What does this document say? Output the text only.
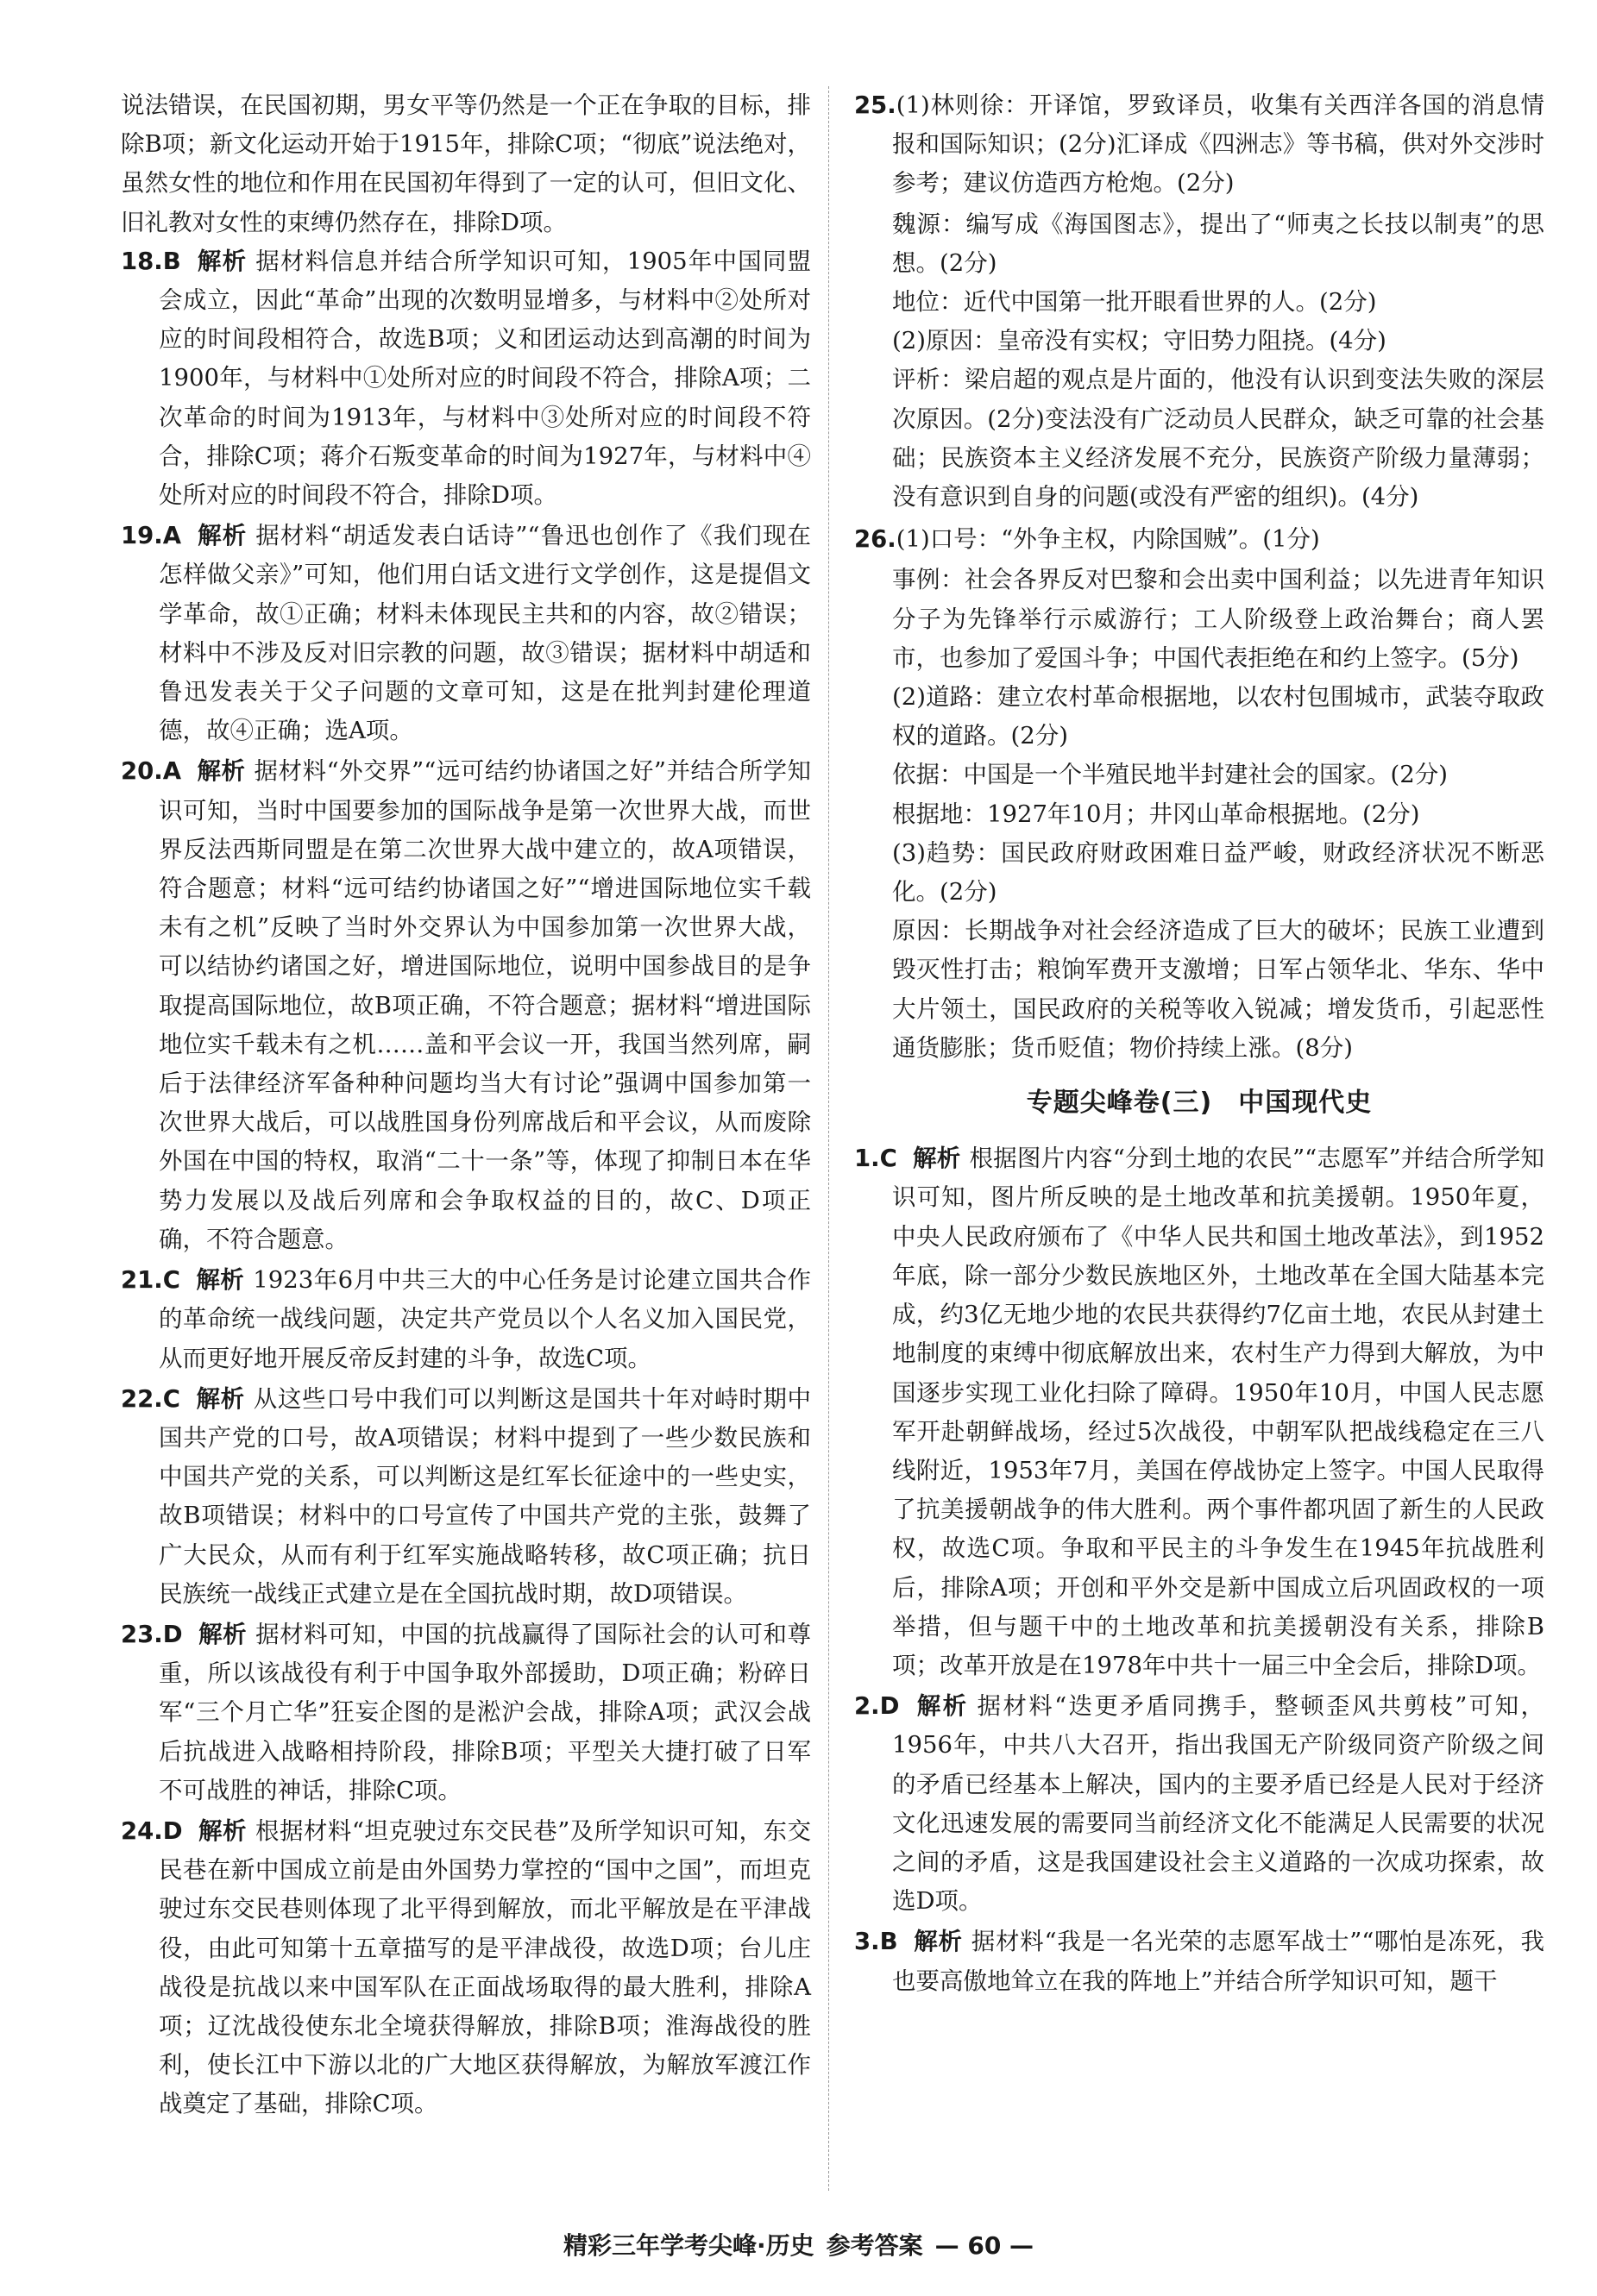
说法错误，在民国初期，男女平等仍然是一个正在争取的目标，排除B项；新文化运动开始于1915年，排除C项；“彻底”说法绝对，虽然女性的地位和作用在民国初年得到了一定的认可，但旧文化、旧礼教对女性的束缚仍然存在，排除D项。

18.B 解析 据材料信息并结合所学知识可知，1905年中国同盟会成立，因此“革命”出现的次数明显增多，与材料中②处所对应的时间段相符合，故选B项；义和团运动达到高潮的时间为1900年，与材料中①处所对应的时间段不符合，排除A项；二次革命的时间为1913年，与材料中③处所对应的时间段不符合，排除C项；蒋介石叛变革命的时间为1927年，与材料中④处所对应的时间段不符合，排除D项。

19.A 解析 据材料“胡适发表白话诗”“鲁迅也创作了《我们现在怎样做父亲》”可知，他们用白话文进行文学创作，这是提倡文学革命，故①正确；材料未体现民主共和的内容，故②错误；材料中不涉及反对旧宗教的问题，故③错误；据材料中胡适和鲁迅发表关于父子问题的文章可知，这是在批判封建伦理道德，故④正确；选A项。

20.A 解析 据材料“外交界”“远可结约协诸国之好”并结合所学知识可知，当时中国要参加的国际战争是第一次世界大战，而世界反法西斯同盟是在第二次世界大战中建立的，故A项错误，符合题意；材料“远可结约协诸国之好”“增进国际地位实千载未有之机”反映了当时外交界认为中国参加第一次世界大战，可以结协约诸国之好，增进国际地位，说明中国参战目的是争取提高国际地位，故B项正确，不符合题意；据材料“增进国际地位实千载未有之机……盖和平会议一开，我国当然列席，嗣后于法律经济军备种种问题均当大有讨论”强调中国参加第一次世界大战后，可以战胜国身份列席战后和平会议，从而废除外国在中国的特权，取消“二十一条”等，体现了抑制日本在华势力发展以及战后列席和会争取权益的目的，故C、D项正确，不符合题意。

21.C 解析 1923年6月中共三大的中心任务是讨论建立国共合作的革命统一战线问题，决定共产党员以个人名义加入国民党，从而更好地开展反帝反封建的斗争，故选C项。

22.C 解析 从这些口号中我们可以判断这是国共十年对峙时期中国共产党的口号，故A项错误；材料中提到了一些少数民族和中国共产党的关系，可以判断这是红军长征途中的一些史实，故B项错误；材料中的口号宣传了中国共产党的主张，鼓舞了广大民众，从而有利于红军实施战略转移，故C项正确；抗日民族统一战线正式建立是在全国抗战时期，故D项错误。

23.D 解析 据材料可知，中国的抗战赢得了国际社会的认可和尊重，所以该战役有利于中国争取外部援助，D项正确；粉碎日军“三个月亡华”狂妄企图的是淞沪会战，排除A项；武汉会战后抗战进入战略相持阶段，排除B项；平型关大捷打破了日军不可战胜的神话，排除C项。

24.D 解析 根据材料“坦克驶过东交民巷”及所学知识可知，东交民巷在新中国成立前是由外国势力掌控的“国中之国”，而坦克驶过东交民巷则体现了北平得到解放，而北平解放是在平津战役，由此可知第十五章描写的是平津战役，故选D项；台儿庄战役是抗战以来中国军队在正面战场取得的最大胜利，排除A项；辽沈战役使东北全境获得解放，排除B项；淮海战役的胜利，使长江中下游以北的广大地区获得解放，为解放军渡江作战奠定了基础，排除C项。

25.(1)林则徐：开译馆，罗致译员，收集有关西洋各国的消息情报和国际知识；(2分)汇译成《四洲志》等书稿，供对外交涉时参考；建议仿造西方枪炮。(2分)

魏源：编写成《海国图志》，提出了“师夷之长技以制夷”的思想。(2分)

地位：近代中国第一批开眼看世界的人。(2分)

(2)原因：皇帝没有实权；守旧势力阻挠。(4分)

评析：梁启超的观点是片面的，他没有认识到变法失败的深层次原因。(2分)变法没有广泛动员人民群众，缺乏可靠的社会基础；民族资本主义经济发展不充分，民族资产阶级力量薄弱；没有意识到自身的问题(或没有严密的组织)。(4分)

26.(1)口号：“外争主权，内除国贼”。(1分)

事例：社会各界反对巴黎和会出卖中国利益；以先进青年知识分子为先锋举行示威游行；工人阶级登上政治舞台；商人罢市，也参加了爱国斗争；中国代表拒绝在和约上签字。(5分)

(2)道路：建立农村革命根据地，以农村包围城市，武装夺取政权的道路。(2分)

依据：中国是一个半殖民地半封建社会的国家。(2分)

根据地：1927年10月；井冈山革命根据地。(2分)

(3)趋势：国民政府财政困难日益严峻，财政经济状况不断恶化。(2分)

原因：长期战争对社会经济造成了巨大的破坏；民族工业遭到毁灭性打击；粮饷军费开支激增；日军占领华北、华东、华中大片领土，国民政府的关税等收入锐减；增发货币，引起恶性通货膨胀；货币贬值；物价持续上涨。(8分)

专题尖峰卷(三) 中国现代史

1.C 解析 根据图片内容“分到土地的农民”“志愿军”并结合所学知识可知，图片所反映的是土地改革和抗美援朝。1950年夏，中央人民政府颁布了《中华人民共和国土地改革法》，到1952年底，除一部分少数民族地区外，土地改革在全国大陆基本完成，约3亿无地少地的农民共获得约7亿亩土地，农民从封建土地制度的束缚中彻底解放出来，农村生产力得到大解放，为中国逐步实现工业化扫除了障碍。1950年10月，中国人民志愿军开赴朝鲜战场，经过5次战役，中朝军队把战线稳定在三八线附近，1953年7月，美国在停战协定上签字。中国人民取得了抗美援朝战争的伟大胜利。两个事件都巩固了新生的人民政权，故选C项。争取和平民主的斗争发生在1945年抗战胜利后，排除A项；开创和平外交是新中国成立后巩固政权的一项举措，但与题干中的土地改革和抗美援朝没有关系，排除B项；改革开放是在1978年中共十一届三中全会后，排除D项。

2.D 解析 据材料“迭更矛盾同携手，整顿歪风共剪枝”可知，1956年，中共八大召开，指出我国无产阶级同资产阶级之间的矛盾已经基本上解决，国内的主要矛盾已经是人民对于经济文化迅速发展的需要同当前经济文化不能满足人民需要的状况之间的矛盾，这是我国建设社会主义道路的一次成功探索，故选D项。

3.B 解析 据材料“我是一名光荣的志愿军战士”“哪怕是冻死，我也要高傲地耸立在我的阵地上”并结合所学知识可知，题干

精彩三年学考尖峰·历史 参考答案 — 60 —
